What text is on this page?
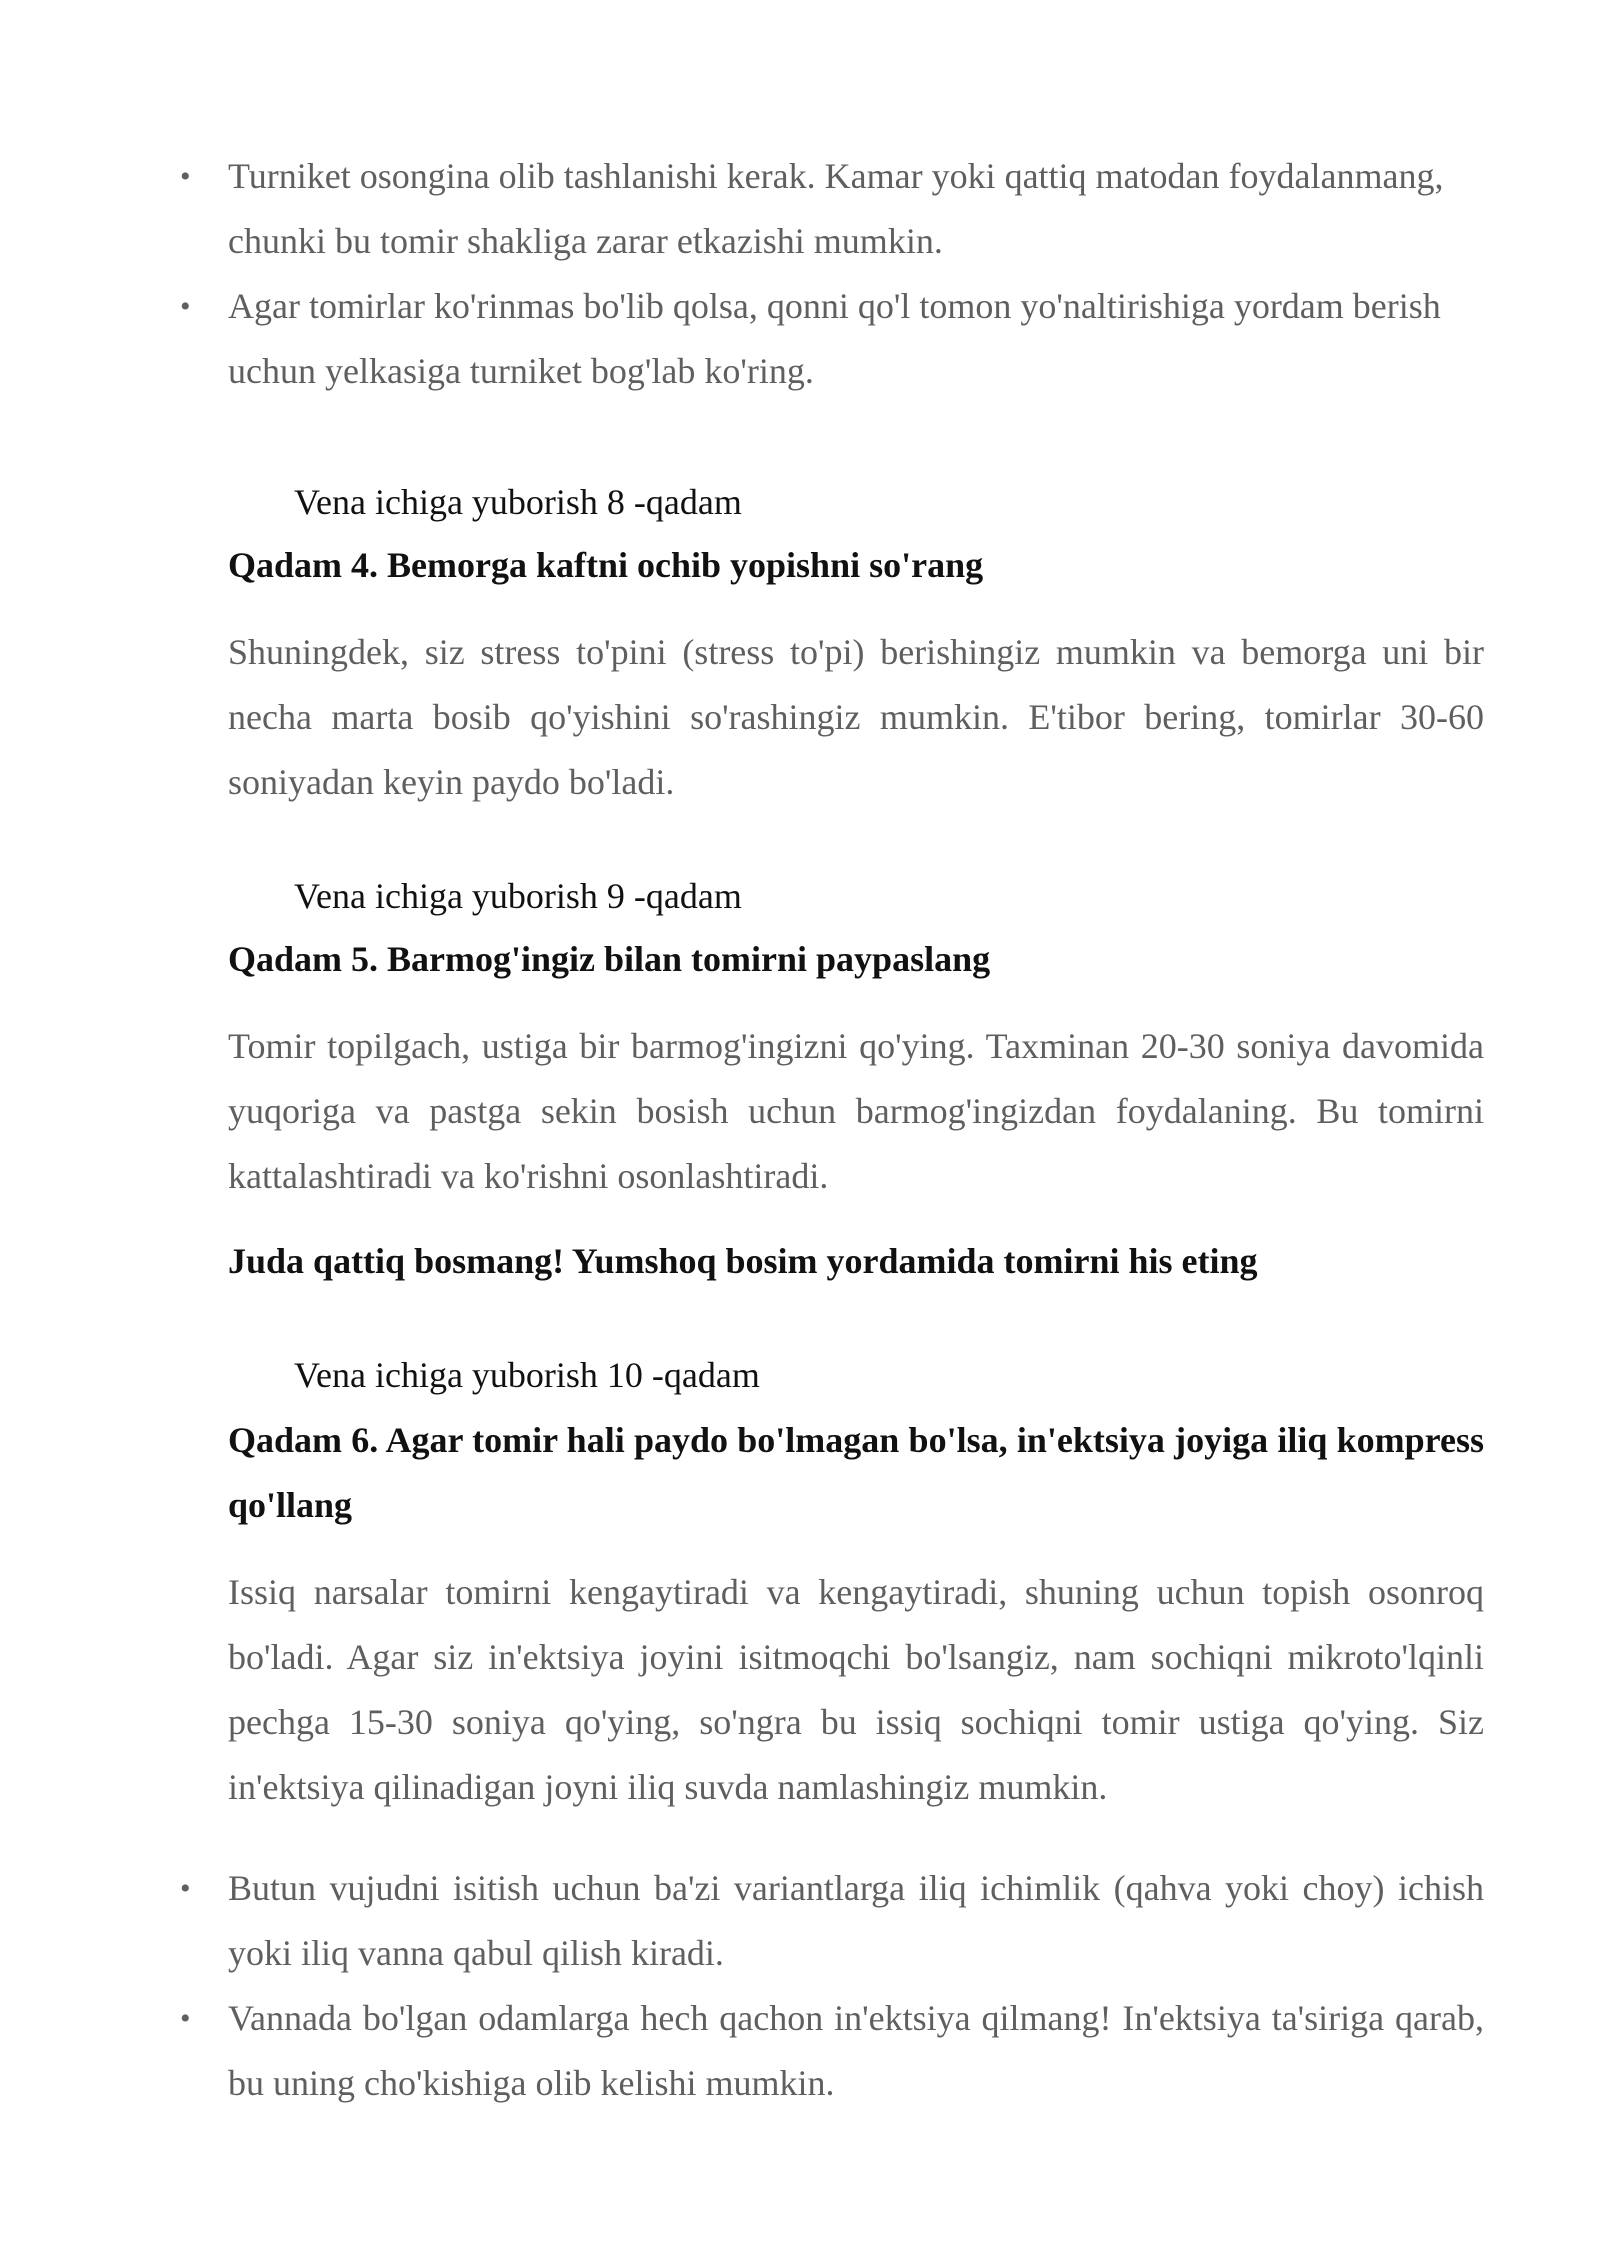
• Turniket osongina olib tashlanishi kerak. Kamar yoki qattiq matodan foydalanmang, chunki bu tomir shakliga zarar etkazishi mumkin.
• Agar tomirlar ko'rinmas bo'lib qolsa, qonni qo'l tomon yo'naltirishiga yordam berish uchun yelkasiga turniket bog'lab ko'ring.
Vena ichiga yuborish 8 -qadam

Qadam 4. Bemorga kaftni ochib yopishni so'rang

Shuningdek, siz stress to'pini (stress to'pi) berishingiz mumkin va bemorga uni bir necha marta bosib qo'yishini so'rashingiz mumkin. E'tibor bering, tomirlar 30-60 soniyadan keyin paydo bo'ladi.

Vena ichiga yuborish 9 -qadam

Qadam 5. Barmog'ingiz bilan tomirni paypaslang

Tomir topilgach, ustiga bir barmog'ingizni qo'ying. Taxminan 20-30 soniya davomida yuqoriga va pastga sekin bosish uchun barmog'ingizdan foydalaning. Bu tomirni kattalashtiradi va ko'rishni osonlashtiradi.

Juda qattiq bosmang! Yumshoq bosim yordamida tomirni his eting

Vena ichiga yuborish 10 -qadam

Qadam 6. Agar tomir hali paydo bo'lmagan bo'lsa, in'ektsiya joyiga iliq kompress qo'llang

Issiq narsalar tomirni kengaytiradi va kengaytiradi, shuning uchun topish osonroq bo'ladi. Agar siz in'ektsiya joyini isitmoqchi bo'lsangiz, nam sochiqni mikroto'lqinli pechga 15-30 soniya qo'ying, so'ngra bu issiq sochiqni tomir ustiga qo'ying. Siz in'ektsiya qilinadigan joyni iliq suvda namlashingiz mumkin.

• Butun vujudni isitish uchun ba'zi variantlarga iliq ichimlik (qahva yoki choy) ichish yoki iliq vanna qabul qilish kiradi.
• Vannada bo'lgan odamlarga hech qachon in'ektsiya qilmang! In'ektsiya ta'siriga qarab, bu uning cho'kishiga olib kelishi mumkin.
